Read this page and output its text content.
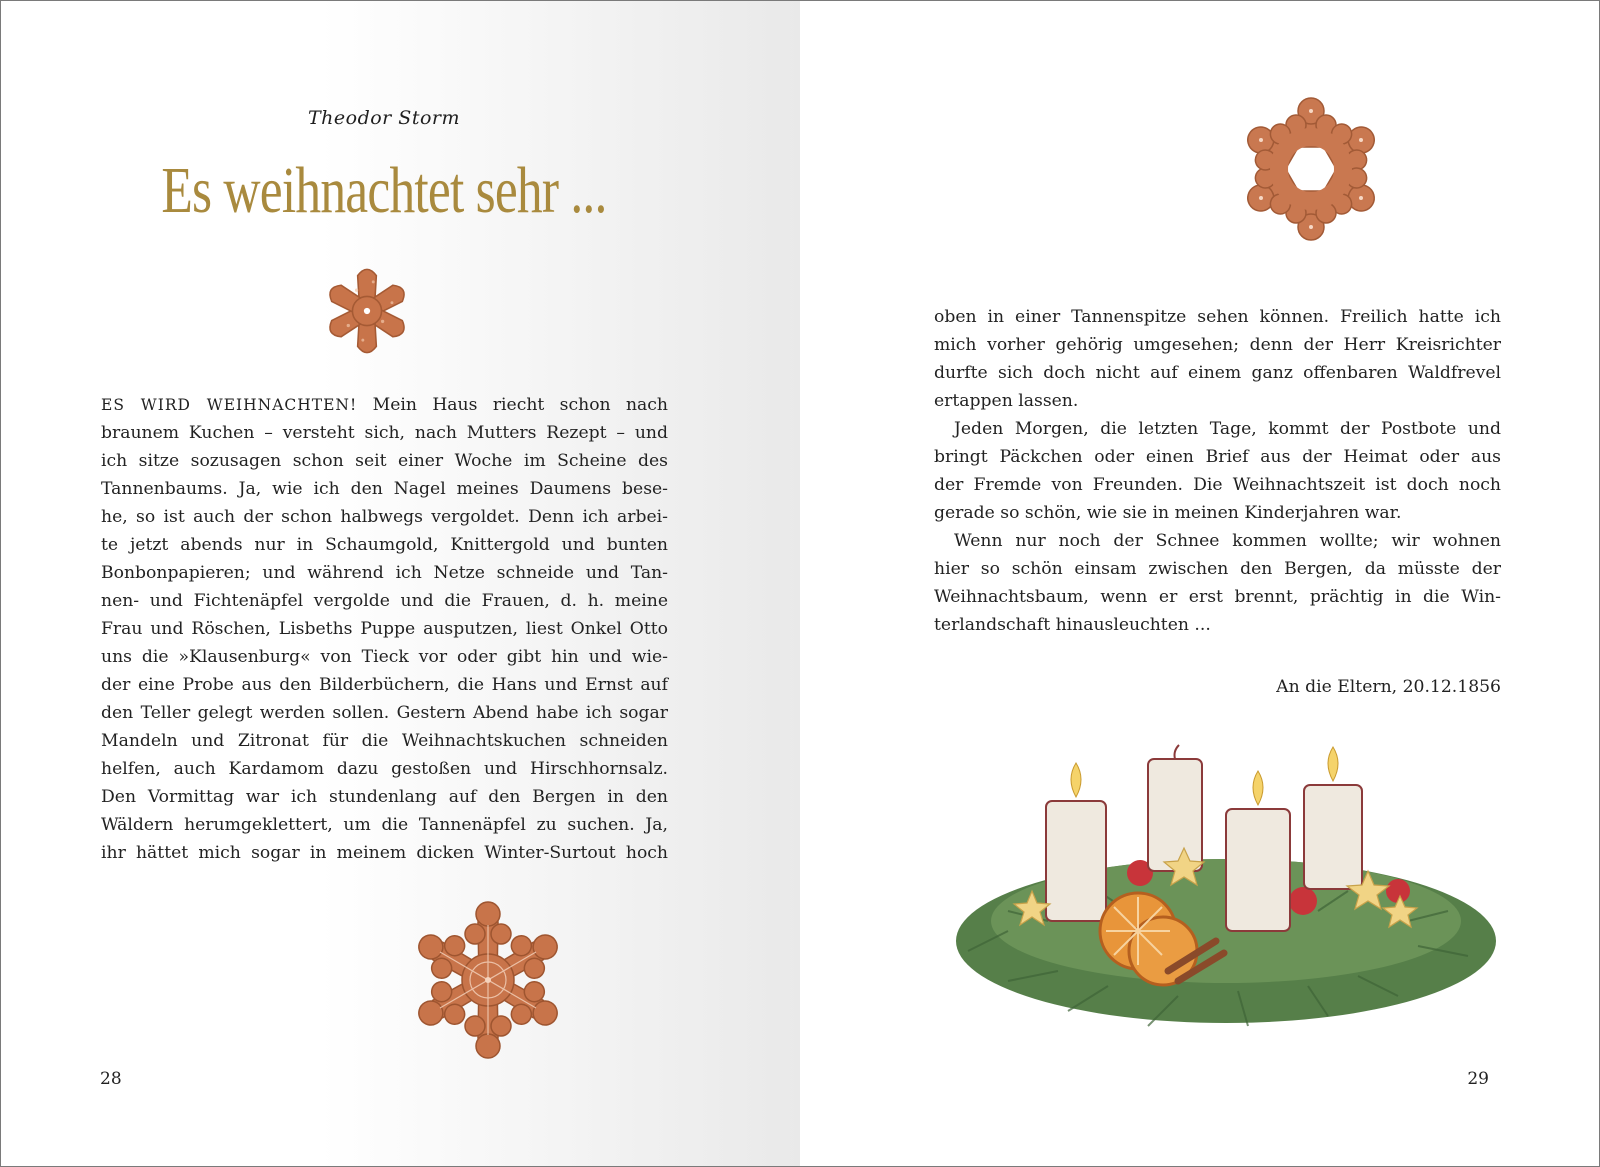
Theodor Storm
Es weihnachtet sehr ...
ES WIRD WEIHNACHTEN! Mein Haus riecht schon nach
braunem Kuchen – versteht sich, nach Mutters Rezept – und
ich sitze sozusagen schon seit einer Woche im Scheine des
Tannenbaums. Ja, wie ich den Nagel meines Daumens bese-
he, so ist auch der schon halbwegs vergoldet. Denn ich arbei-
te jetzt abends nur in Schaumgold, Knittergold und bunten
Bonbonpapieren; und während ich Netze schneide und Tan-
nen- und Fichtenäpfel vergolde und die Frauen, d. h. meine
Frau und Röschen, Lisbeths Puppe ausputzen, liest Onkel Otto
uns die »Klausenburg« von Tieck vor oder gibt hin und wie-
der eine Probe aus den Bilderbüchern, die Hans und Ernst auf
den Teller gelegt werden sollen. Gestern Abend habe ich sogar
Mandeln und Zitronat für die Weihnachtskuchen schneiden
helfen, auch Kardamom dazu gestoßen und Hirschhornsalz.
Den Vormittag war ich stundenlang auf den Bergen in den
Wäldern herumgeklettert, um die Tannenäpfel zu suchen. Ja,
ihr hättet mich sogar in meinem dicken Winter-Surtout hoch
28
oben in einer Tannenspitze sehen können. Freilich hatte ich
mich vorher gehörig umgesehen; denn der Herr Kreisrichter
durfte sich doch nicht auf einem ganz offenbaren Waldfrevel
ertappen lassen.
Jeden Morgen, die letzten Tage, kommt der Postbote und
bringt Päckchen oder einen Brief aus der Heimat oder aus
der Fremde von Freunden. Die Weihnachtszeit ist doch noch
gerade so schön, wie sie in meinen Kinderjahren war.
Wenn nur noch der Schnee kommen wollte; wir wohnen
hier so schön einsam zwischen den Bergen, da müsste der
Weihnachtsbaum, wenn er erst brennt, prächtig in die Win-
terlandschaft hinausleuchten ...
An die Eltern, 20.12.1856
29
